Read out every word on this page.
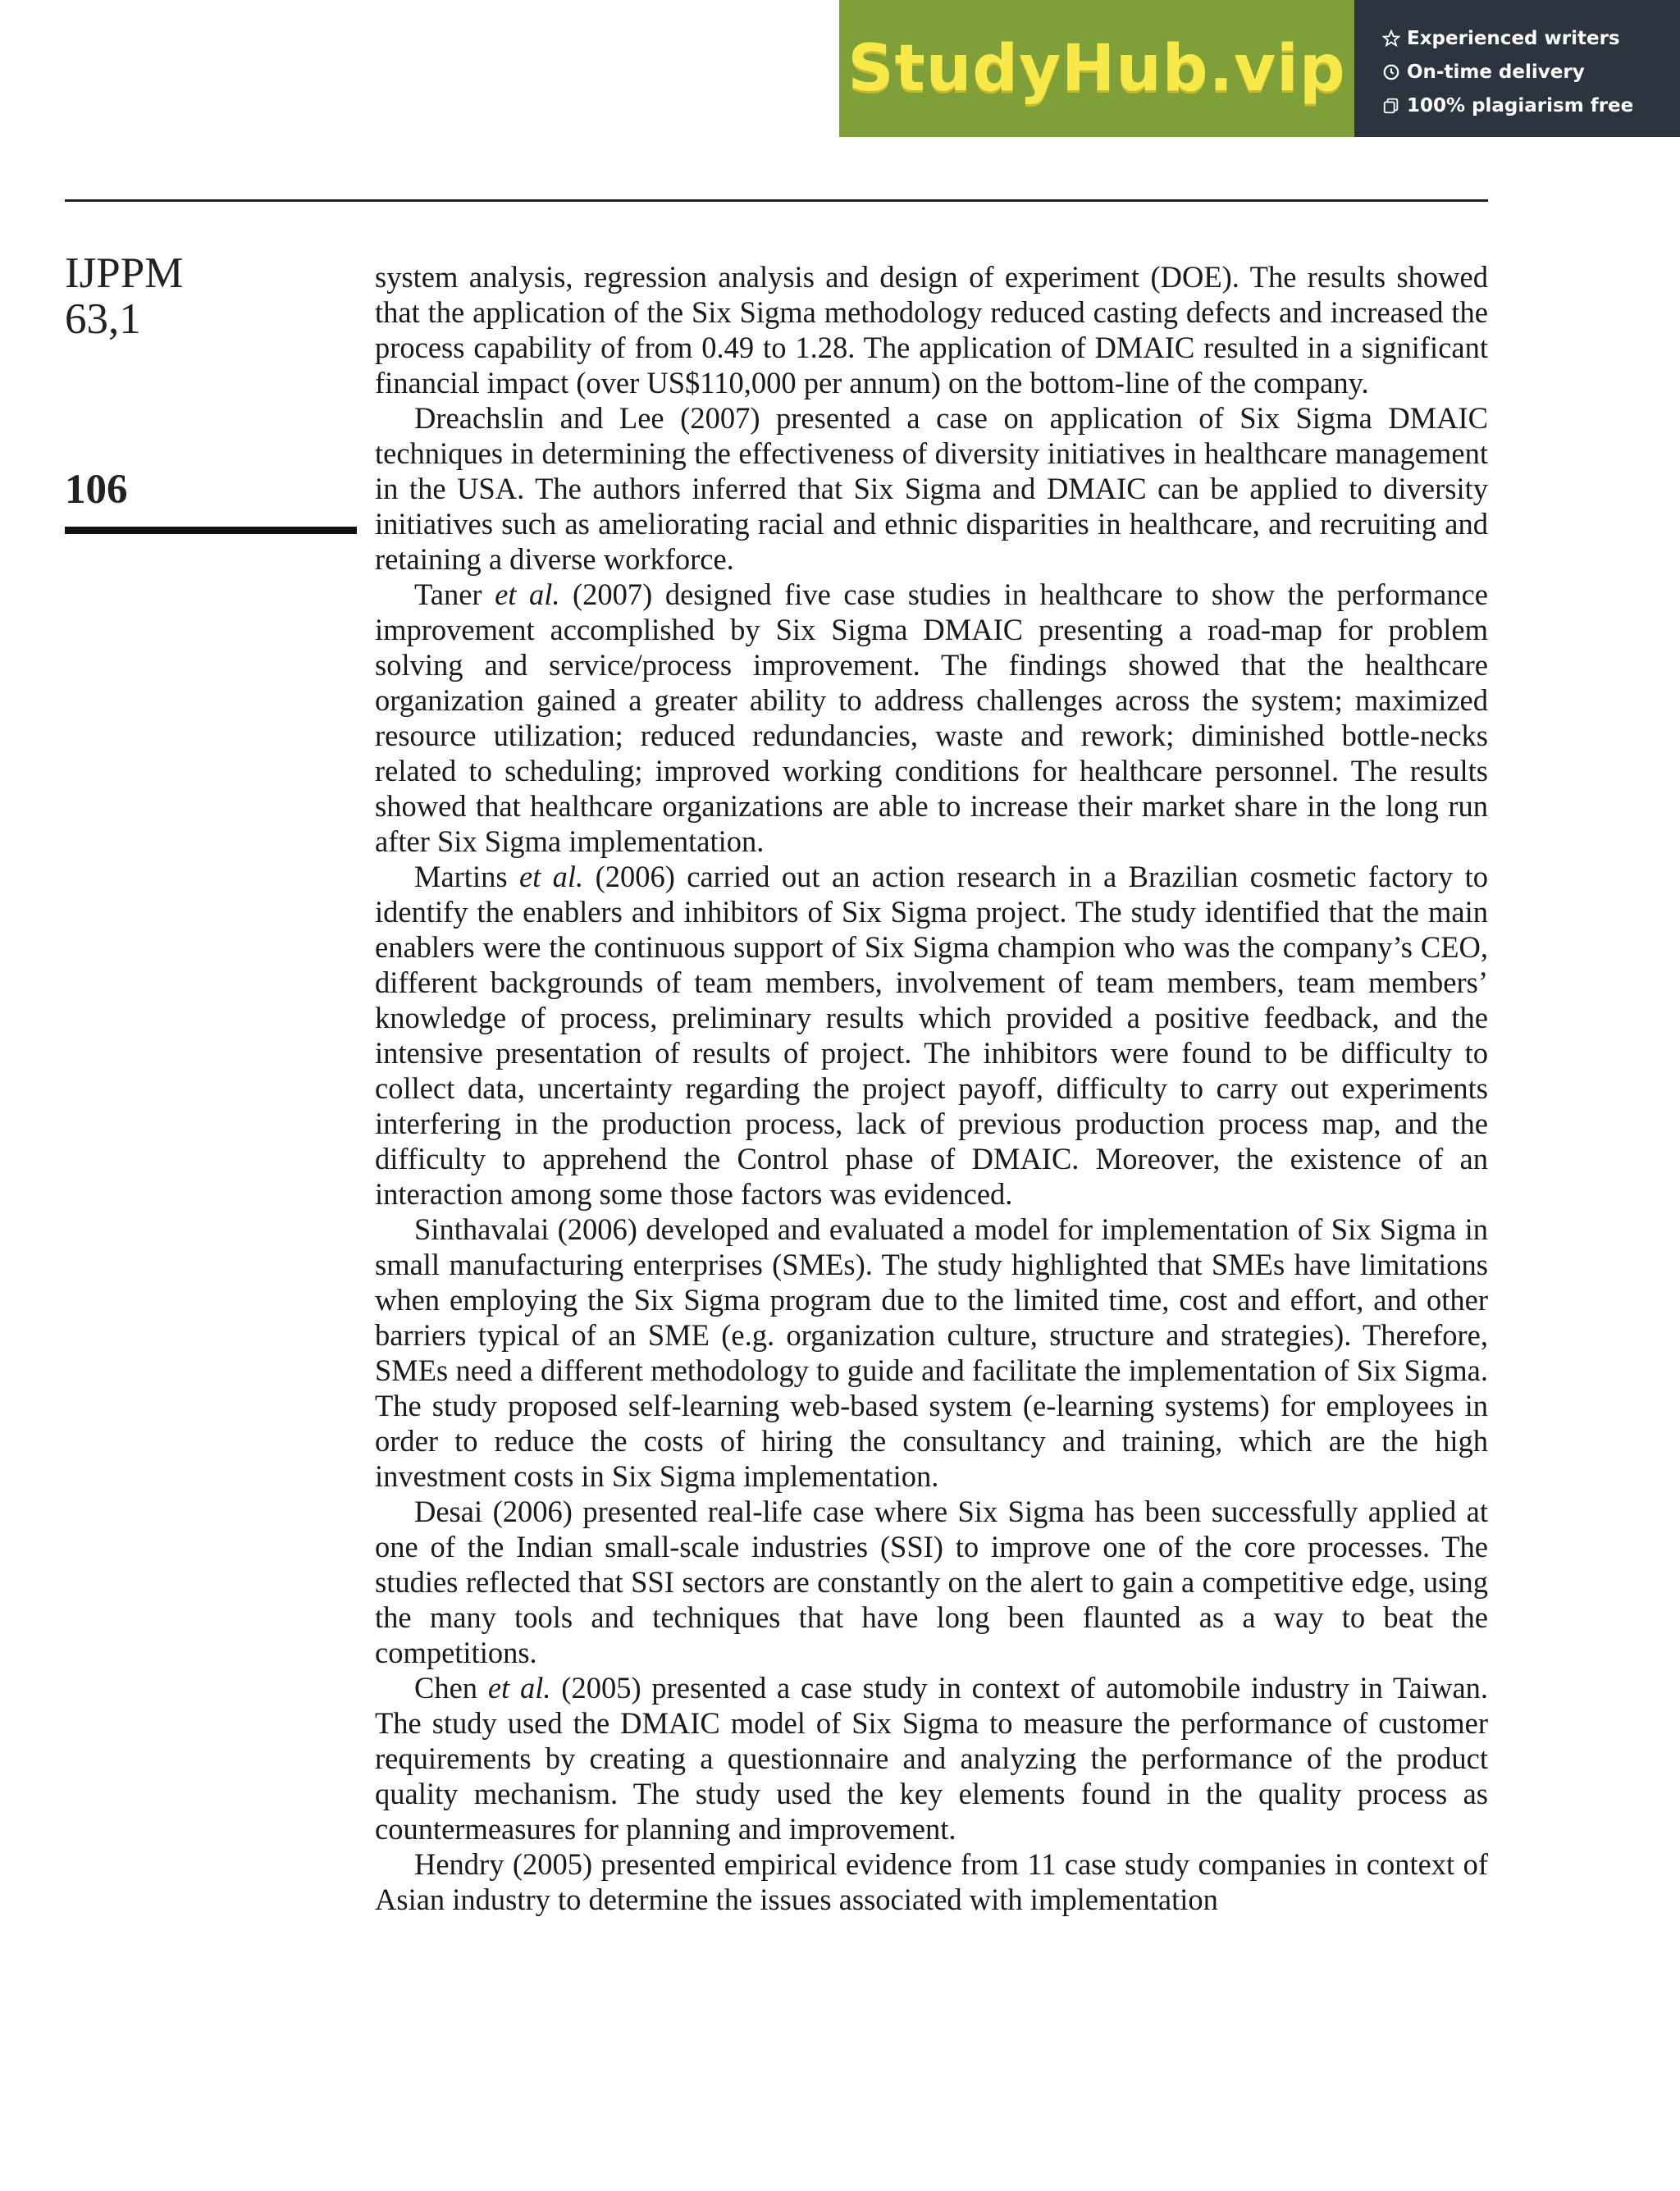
StudyHub.vip	Experienced writers
On-time delivery
100% plagiarism free
IJPPM
63,1
106

system analysis, regression analysis and design of experiment (DOE). The results showed that the application of the Six Sigma methodology reduced casting defects and increased the process capability of from 0.49 to 1.28. The application of DMAIC resulted in a significant financial impact (over US$110,000 per annum) on the bottom-line of the company.

Dreachslin and Lee (2007) presented a case on application of Six Sigma DMAIC techniques in determining the effectiveness of diversity initiatives in healthcare management in the USA. The authors inferred that Six Sigma and DMAIC can be applied to diversity initiatives such as ameliorating racial and ethnic disparities in healthcare, and recruiting and retaining a diverse workforce.

Taner et al. (2007) designed five case studies in healthcare to show the performance improvement accomplished by Six Sigma DMAIC presenting a road-map for problem solving and service/process improvement. The findings showed that the healthcare organization gained a greater ability to address challenges across the system; maximized resource utilization; reduced redundancies, waste and rework; diminished bottle-necks related to scheduling; improved working conditions for healthcare personnel. The results showed that healthcare organizations are able to increase their market share in the long run after Six Sigma implementation.

Martins et al. (2006) carried out an action research in a Brazilian cosmetic factory to identify the enablers and inhibitors of Six Sigma project. The study identified that the main enablers were the continuous support of Six Sigma champion who was the company’s CEO, different backgrounds of team members, involvement of team members, team members’ knowledge of process, preliminary results which provided a positive feedback, and the intensive presentation of results of project. The inhibitors were found to be difficulty to collect data, uncertainty regarding the project payoff, difficulty to carry out experiments interfering in the production process, lack of previous production process map, and the difficulty to apprehend the Control phase of DMAIC. Moreover, the existence of an interaction among some those factors was evidenced.

Sinthavalai (2006) developed and evaluated a model for implementation of Six Sigma in small manufacturing enterprises (SMEs). The study highlighted that SMEs have limitations when employing the Six Sigma program due to the limited time, cost and effort, and other barriers typical of an SME (e.g. organization culture, structure and strategies). Therefore, SMEs need a different methodology to guide and facilitate the implementation of Six Sigma. The study proposed self-learning web-based system (e-learning systems) for employees in order to reduce the costs of hiring the consultancy and training, which are the high investment costs in Six Sigma implementation.

Desai (2006) presented real-life case where Six Sigma has been successfully applied at one of the Indian small-scale industries (SSI) to improve one of the core processes. The studies reflected that SSI sectors are constantly on the alert to gain a competitive edge, using the many tools and techniques that have long been flaunted as a way to beat the competitions.

Chen et al. (2005) presented a case study in context of automobile industry in Taiwan. The study used the DMAIC model of Six Sigma to measure the performance of customer requirements by creating a questionnaire and analyzing the performance of the product quality mechanism. The study used the key elements found in the quality process as countermeasures for planning and improvement.

Hendry (2005) presented empirical evidence from 11 case study companies in context of Asian industry to determine the issues associated with implementation
